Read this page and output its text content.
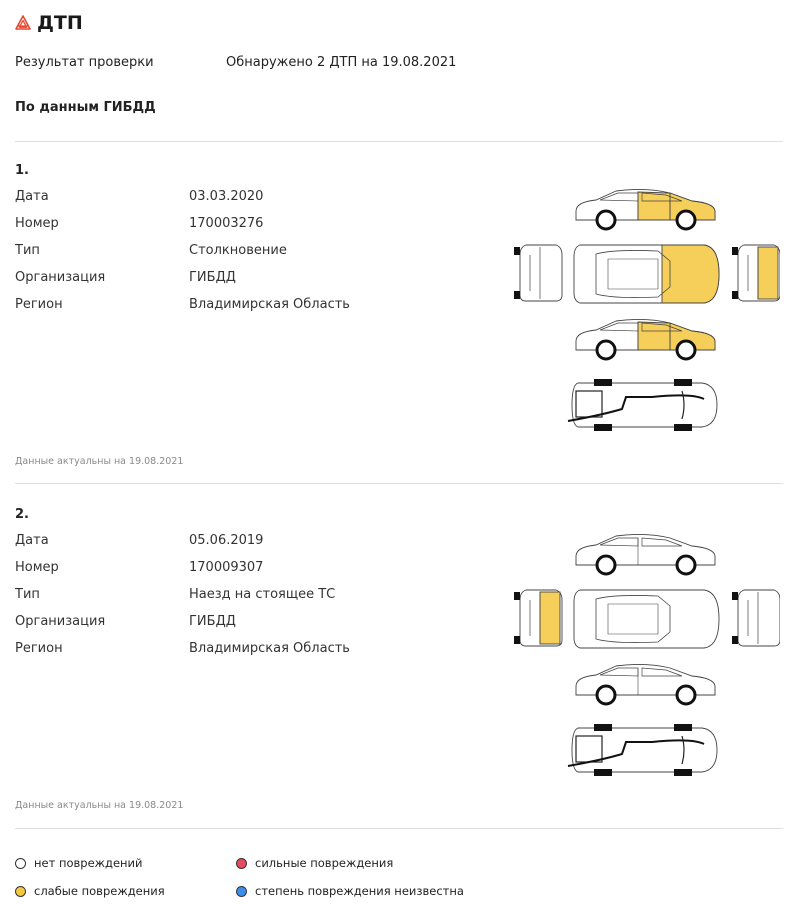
ДТП
Результат проверки	Обнаружено 2 ДТП на 19.08.2021
По данным ГИБДД
1.
Дата	03.03.2020
Номер	170003276
Тип	Столкновение
Организация	ГИБДД
Регион	Владимирская Область
Данные актуальны на 19.08.2021
2.
Дата	05.06.2019
Номер	170009307
Тип	Наезд на стоящее ТС
Организация	ГИБДД
Регион	Владимирская Область
Данные актуальны на 19.08.2021
нет повреждений	сильные повреждения
слабые повреждения	степень повреждения неизвестна
